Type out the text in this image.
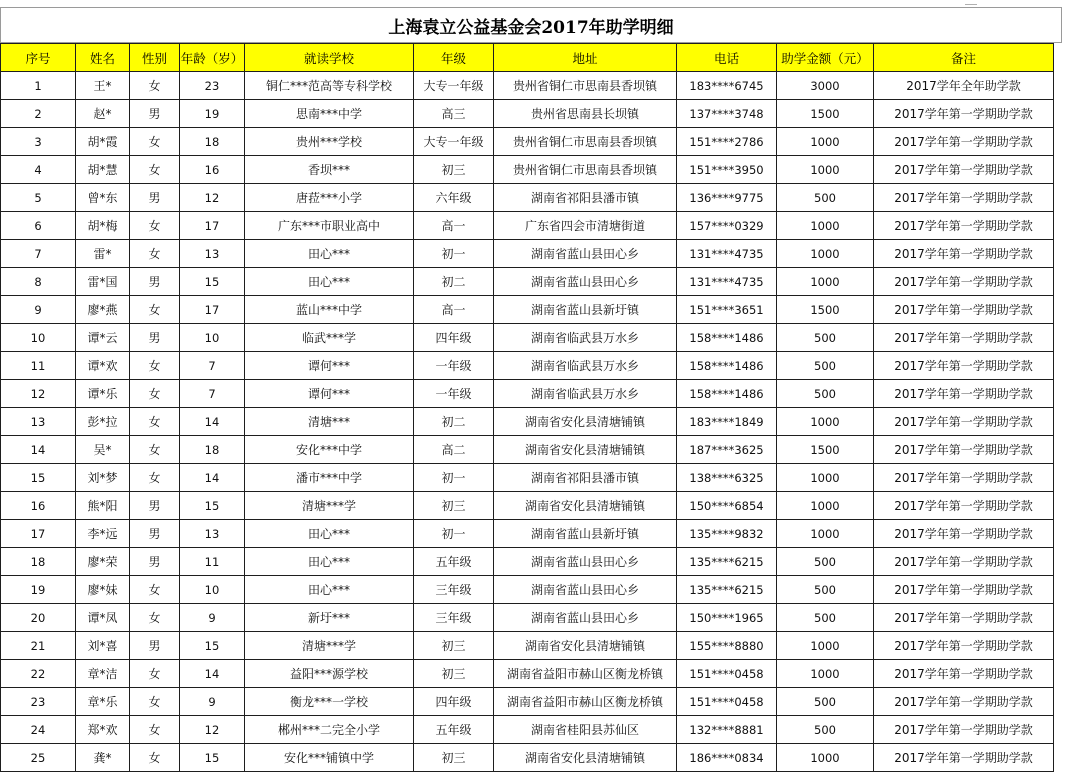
上海袁立公益基金会2017年助学明细
序号	姓名	性别	年龄（岁）	就读学校	年级	地址	电话	助学金额（元）	备注
1	王*	女	23	铜仁***范高等专科学校	大专一年级	贵州省铜仁市思南县香坝镇	183****6745	3000	2017学年全年助学款
2	赵*	男	19	思南***中学	高三	贵州省思南县长坝镇	137****3748	1500	2017学年第一学期助学款
3	胡*霞	女	18	贵州***学校	大专一年级	贵州省铜仁市思南县香坝镇	151****2786	1000	2017学年第一学期助学款
4	胡*慧	女	16	香坝***	初三	贵州省铜仁市思南县香坝镇	151****3950	1000	2017学年第一学期助学款
5	曾*东	男	12	唐菈***小学	六年级	湖南省祁阳县潘市镇	136****9775	500	2017学年第一学期助学款
6	胡*梅	女	17	广东***市职业高中	高一	广东省四会市清塘街道	157****0329	1000	2017学年第一学期助学款
7	雷*	女	13	田心***	初一	湖南省蓝山县田心乡	131****4735	1000	2017学年第一学期助学款
8	雷*国	男	15	田心***	初二	湖南省蓝山县田心乡	131****4735	1000	2017学年第一学期助学款
9	廖*燕	女	17	蓝山***中学	高一	湖南省蓝山县新圩镇	151****3651	1500	2017学年第一学期助学款
10	谭*云	男	10	临武***学	四年级	湖南省临武县万水乡	158****1486	500	2017学年第一学期助学款
11	谭*欢	女	7	谭何***	一年级	湖南省临武县万水乡	158****1486	500	2017学年第一学期助学款
12	谭*乐	女	7	谭何***	一年级	湖南省临武县万水乡	158****1486	500	2017学年第一学期助学款
13	彭*拉	女	14	清塘***	初二	湖南省安化县清塘铺镇	183****1849	1000	2017学年第一学期助学款
14	吴*	女	18	安化***中学	高二	湖南省安化县清塘铺镇	187****3625	1500	2017学年第一学期助学款
15	刘*梦	女	14	潘市***中学	初一	湖南省祁阳县潘市镇	138****6325	1000	2017学年第一学期助学款
16	熊*阳	男	15	清塘***学	初三	湖南省安化县清塘铺镇	150****6854	1000	2017学年第一学期助学款
17	李*远	男	13	田心***	初一	湖南省蓝山县新圩镇	135****9832	1000	2017学年第一学期助学款
18	廖*荣	男	11	田心***	五年级	湖南省蓝山县田心乡	135****6215	500	2017学年第一学期助学款
19	廖*妹	女	10	田心***	三年级	湖南省蓝山县田心乡	135****6215	500	2017学年第一学期助学款
20	谭*凤	女	9	新圩***	三年级	湖南省蓝山县田心乡	150****1965	500	2017学年第一学期助学款
21	刘*喜	男	15	清塘***学	初三	湖南省安化县清塘铺镇	155****8880	1000	2017学年第一学期助学款
22	章*洁	女	14	益阳***源学校	初三	湖南省益阳市赫山区衡龙桥镇	151****0458	1000	2017学年第一学期助学款
23	章*乐	女	9	衡龙***一学校	四年级	湖南省益阳市赫山区衡龙桥镇	151****0458	500	2017学年第一学期助学款
24	郑*欢	女	12	郴州***二完全小学	五年级	湖南省桂阳县苏仙区	132****8881	500	2017学年第一学期助学款
25	龚*	女	15	安化***铺镇中学	初三	湖南省安化县清塘铺镇	186****0834	1000	2017学年第一学期助学款
